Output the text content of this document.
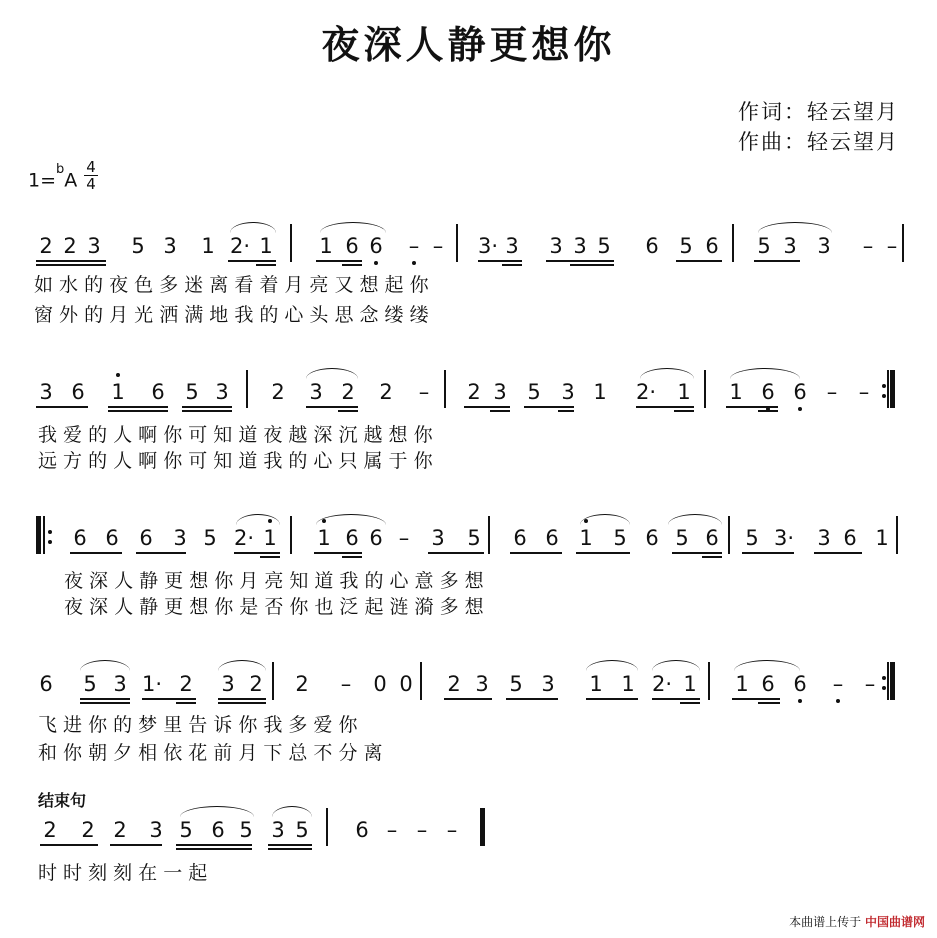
夜深人静更想你
作词：轻云望月
作曲：轻云望月
1=$^b$A
4
4
2 2 3 5 3 1 2· 1 1 6 6 – – 3· 3 3 3 5 6 5 6 5 3 3 – –
如 水 的 夜 色 多 迷 离 看 着 月 亮 又 想 起 你
窗 外 的 月 光 洒 满 地 我 的 心 头 思 念 缕 缕
3 6 1 6 5 3 2 3 2 2 – 2 3 5 3 1 2· 1 1 6 6 – –
我 爱 的 人 啊 你 可 知 道 夜 越 深 沉 越 想 你
远 方 的 人 啊 你 可 知 道 我 的 心 只 属 于 你
6 6 6 3 5 2· 1 1 6 6 – 3 5 6 6 1 5 6 5 6 5 3· 3 6 1
夜 深 人 静 更 想 你 月 亮 知 道 我 的 心 意 多 想
夜 深 人 静 更 想 你 是 否 你 也 泛 起 涟 漪 多 想
6 5 3 1· 2 3 2 2 – 0 0 2 3 5 3 1 1 2· 1 1 6 6 – –
飞 进 你 的 梦 里 告 诉 你 我 多 爱 你
和 你 朝 夕 相 依 花 前 月 下 总 不 分 离
结束句
2 2 2 3 5 6 5 3 5 6 – – –
时 时 刻 刻 在 一 起
本曲谱上传于 中国曲谱网
